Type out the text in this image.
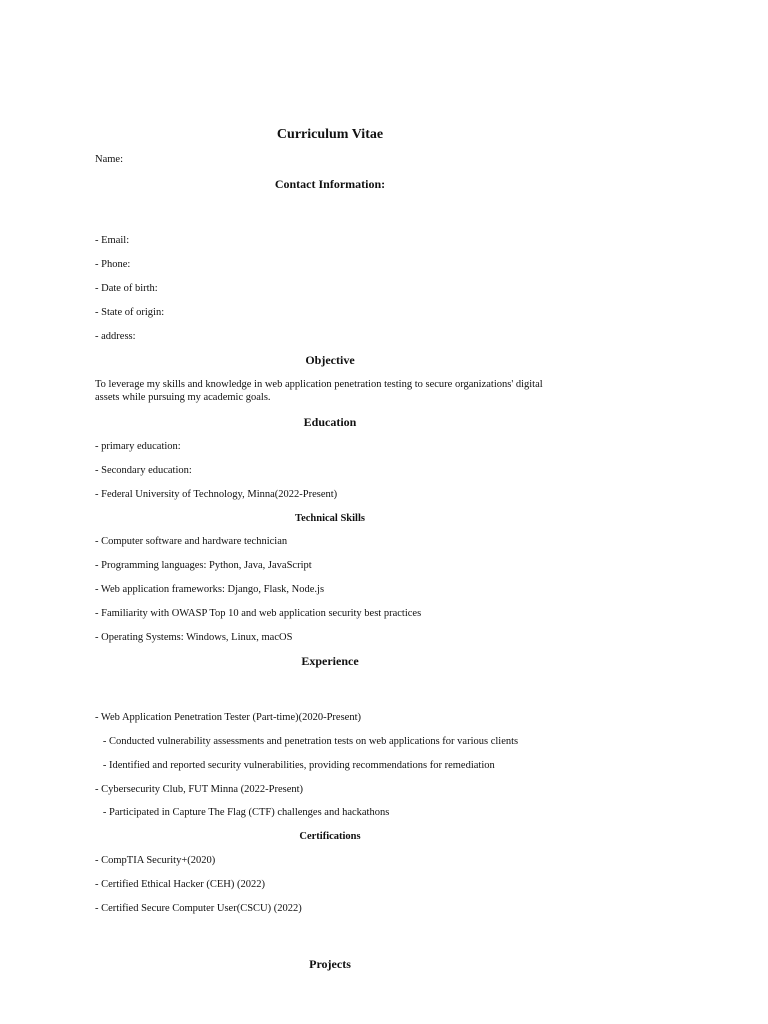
Curriculum Vitae
Name:
Contact Information:
- Email:
- Phone:
- Date of birth:
- State of origin:
- address:
Objective
To leverage my skills and knowledge in web application penetration testing to secure organizations' digital assets while pursuing my academic goals.
Education
- primary education:
- Secondary education:
- Federal University of Technology, Minna(2022-Present)
Technical Skills
- Computer software and hardware technician
- Programming languages: Python, Java, JavaScript
- Web application frameworks: Django, Flask, Node.js
- Familiarity with OWASP Top 10 and web application security best practices
- Operating Systems: Windows, Linux, macOS
Experience
- Web Application Penetration Tester (Part-time)(2020-Present)
- Conducted vulnerability assessments and penetration tests on web applications for various clients
- Identified and reported security vulnerabilities, providing recommendations for remediation
- Cybersecurity Club, FUT Minna (2022-Present)
- Participated in Capture The Flag (CTF) challenges and hackathons
Certifications
- CompTIA Security+(2020)
- Certified Ethical Hacker (CEH) (2022)
- Certified Secure Computer User(CSCU) (2022)
Projects
